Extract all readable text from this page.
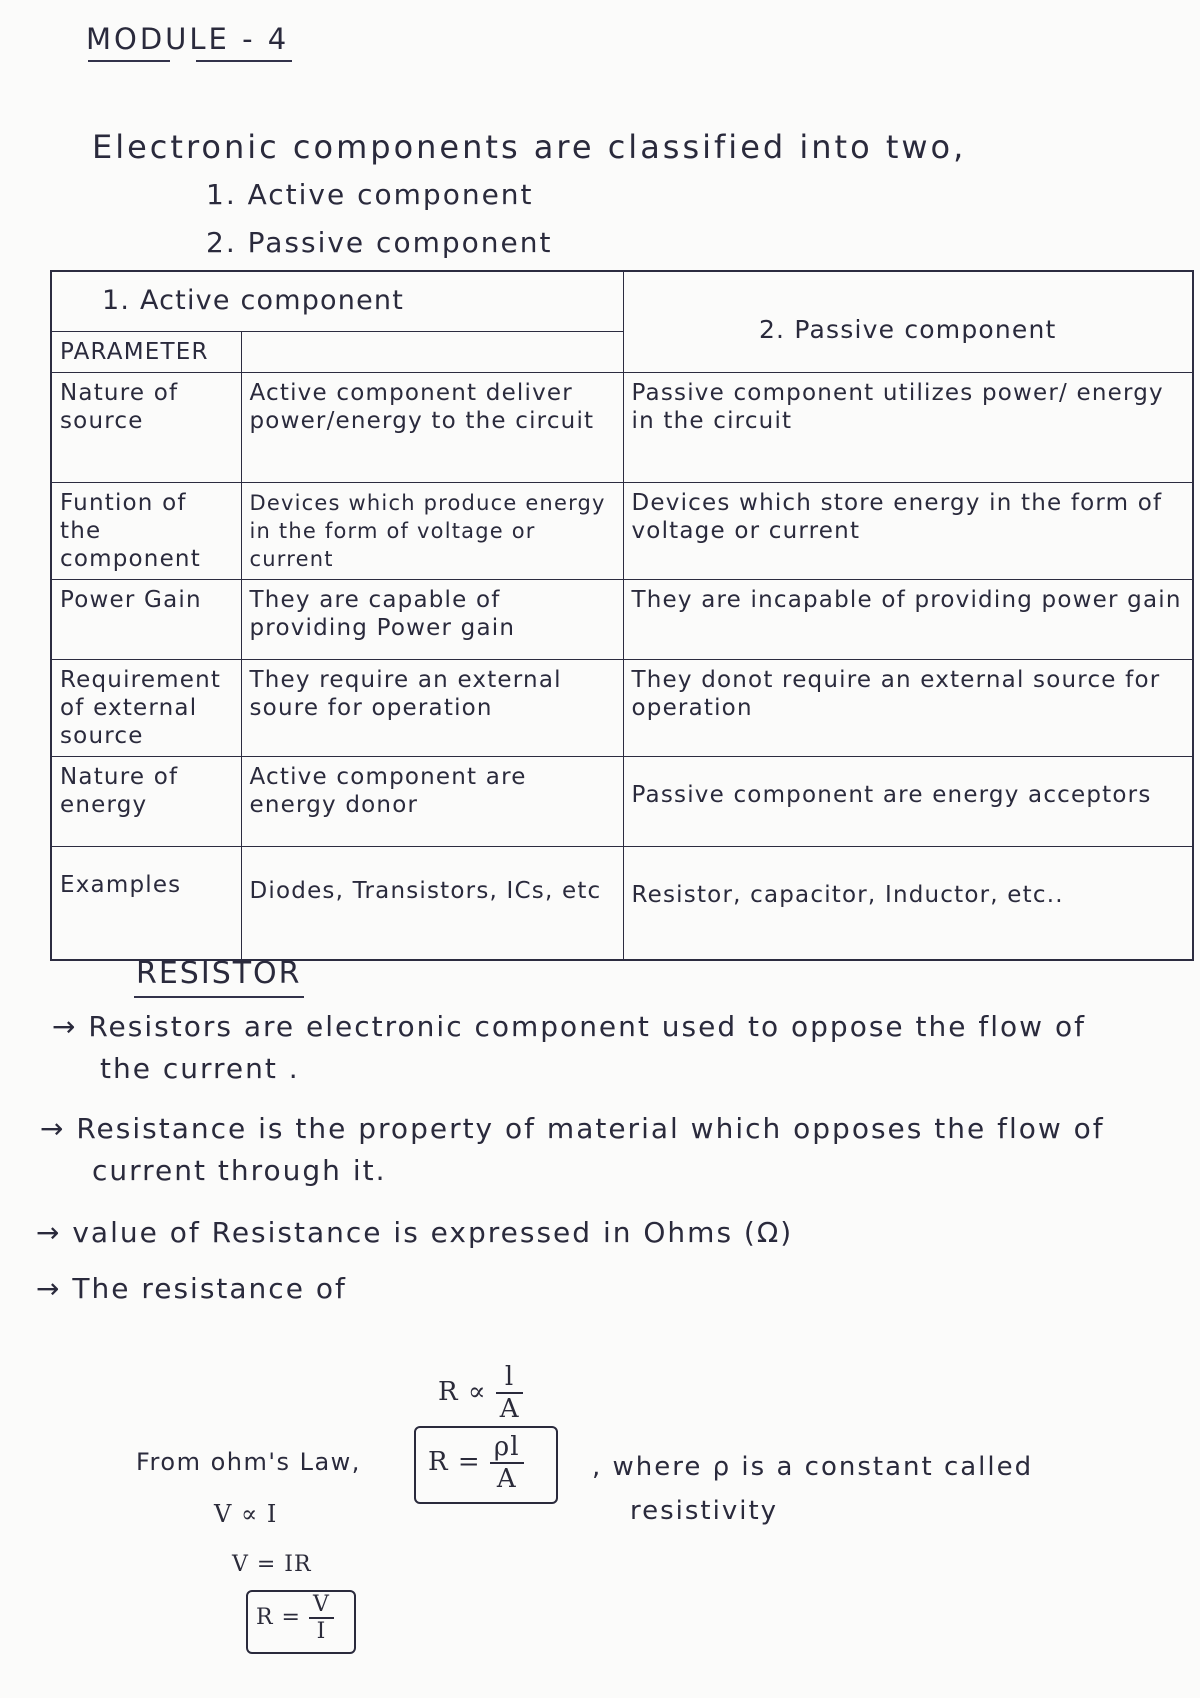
MODULE - 4
Electronic components are classified into two,
1. Active component
2. Passive component
1. Active component		2. Passive component
PARAMETER		
Nature of source	Active component deliver power/energy to the circuit	Passive component utilizes power/ energy in the circuit
Funtion of the component	Devices which produce energy in the form of voltage or current	Devices which store energy in the form of voltage or current
Power Gain	They are capable of providing Power gain	They are incapable of providing power gain
Requirement of external source	They require an external soure for operation	They donot require an external source for operation
Nature of energy	Active component are energy donor	Passive component are energy acceptors
Examples	Diodes, Transistors, ICs, etc	Resistor, capacitor, Inductor, etc..
RESISTOR
→ Resistors are electronic component used to oppose the flow of
the current .
→ Resistance is the property of material which opposes the flow of
current through it.
→ value of Resistance is expressed in Ohms (Ω)
→ The resistance of
$R \propto \frac{l}{A}$
$R = \frac{\rho l}{A}$	, where ρ is a constant called
resistivity
From ohm's Law,
V ∝ I
V = IR
$R = \frac{V}{I}$
